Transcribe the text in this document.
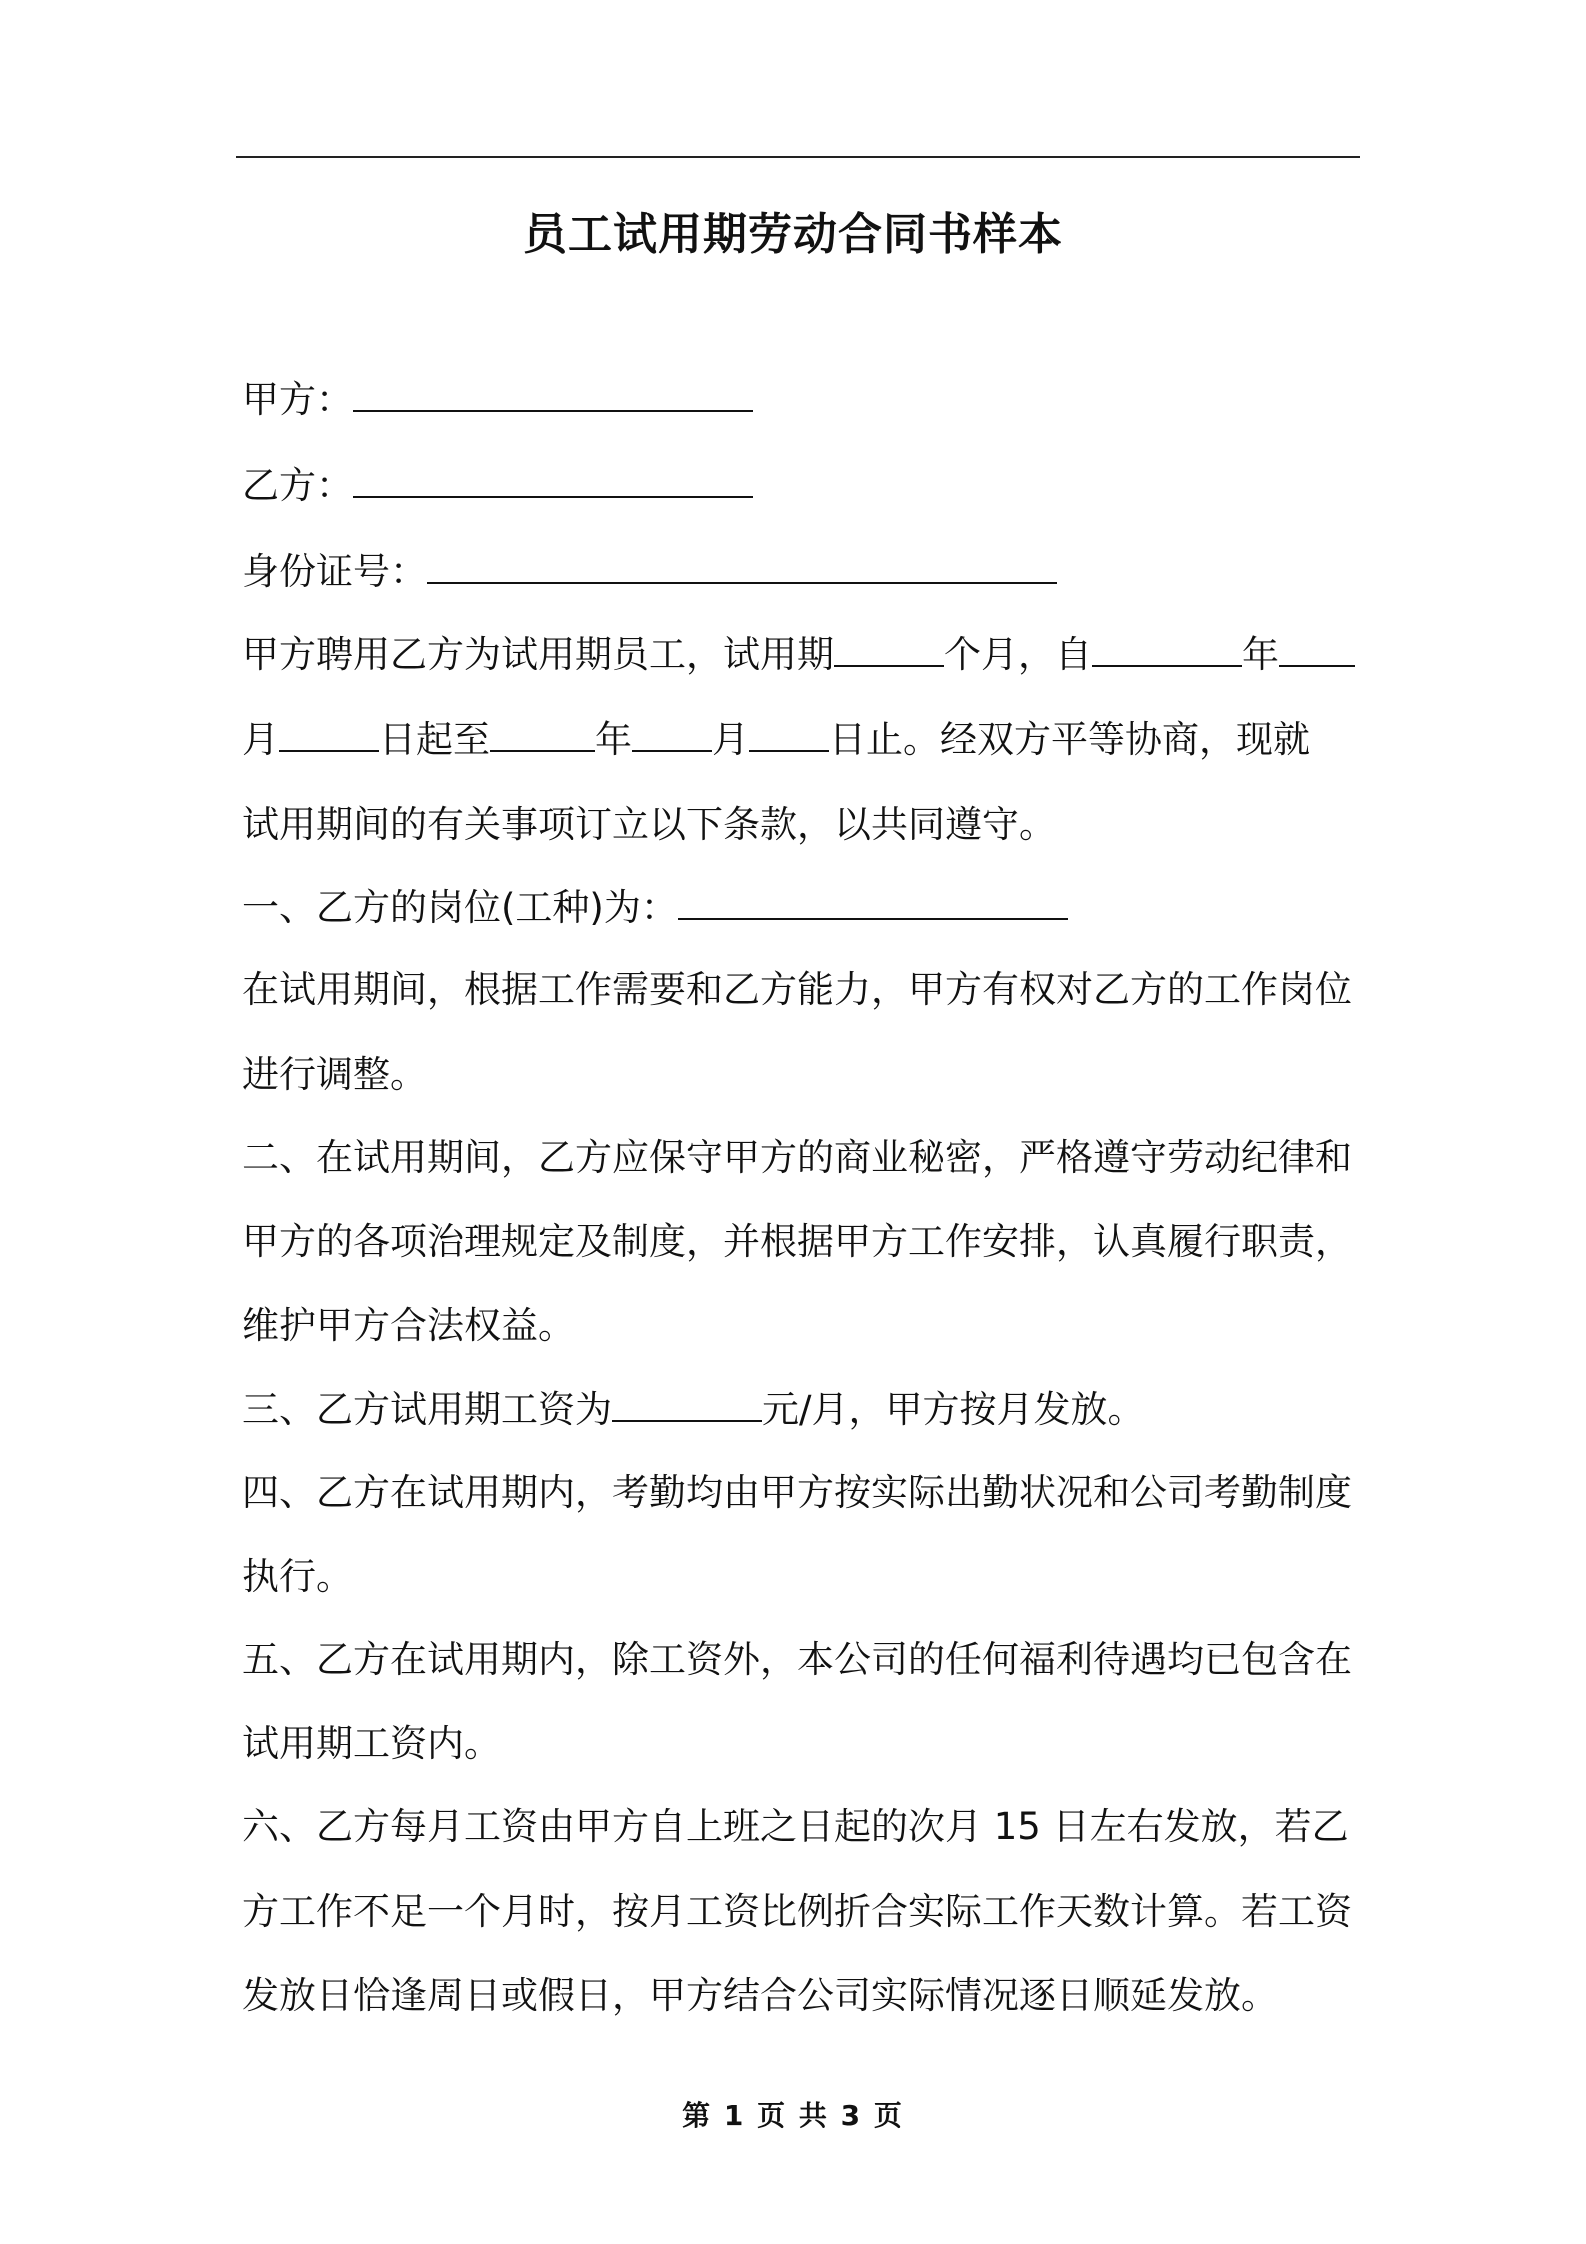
员工试用期劳动合同书样本
甲方：
乙方：
身份证号：
甲方聘用乙方为试用期员工，试用期	个月，自	年
月	日起至	年 月 日止。经双方平等协商，现就
试用期间的有关事项订立以下条款，以共同遵守。
一、乙方的岗位(工种)为：
在试用期间，根据工作需要和乙方能力，甲方有权对乙方的工作岗位
进行调整。
二、在试用期间，乙方应保守甲方的商业秘密，严格遵守劳动纪律和
甲方的各项治理规定及制度，并根据甲方工作安排，认真履行职责，
维护甲方合法权益。
三、乙方试用期工资为	元/月，甲方按月发放。
四、乙方在试用期内，考勤均由甲方按实际出勤状况和公司考勤制度
执行。
五、乙方在试用期内，除工资外，本公司的任何福利待遇均已包含在
试用期工资内。
六、乙方每月工资由甲方自上班之日起的次月 15 日左右发放，若乙
方工作不足一个月时，按月工资比例折合实际工作天数计算。若工资
发放日恰逢周日或假日，甲方结合公司实际情况逐日顺延发放。
第 1 页 共 3 页
